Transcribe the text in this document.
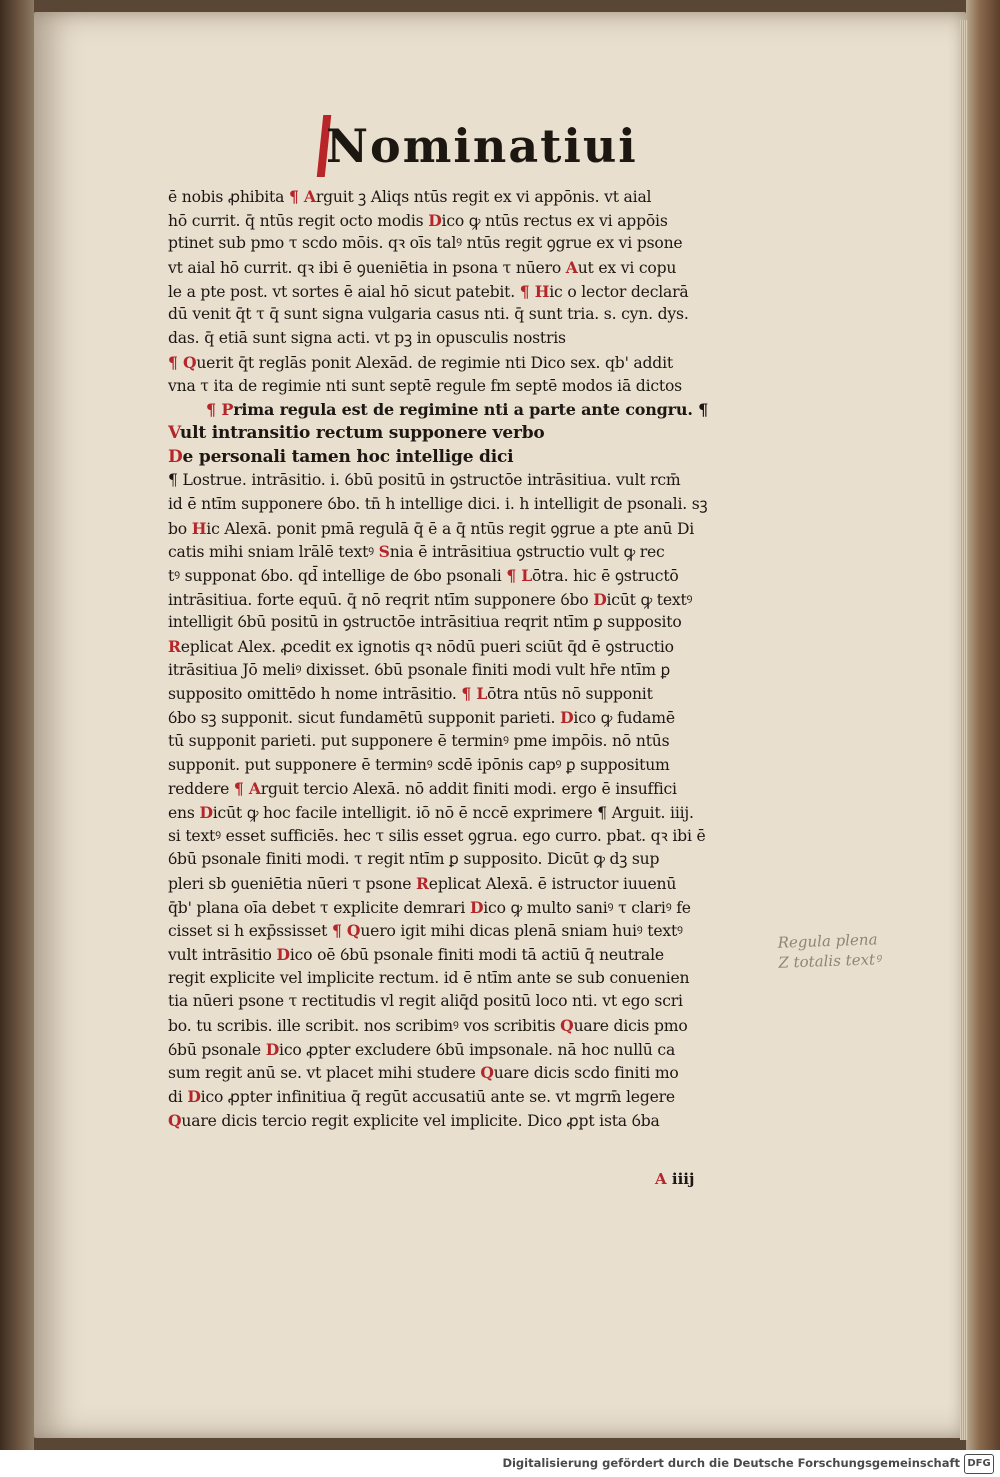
Nominatiui
ē nobis ꝓhibita ¶ Arguit ꝫ Aliqs ntūs regit ex vi appōnis. vt aial
hō currit. q̄ ntūs regit octo modis Dico ꝙ ntūs rectus ex vi appōis
ptinet sub pmo τ scdo mōis. qꝛ oīs talꝰ ntūs regit ꝯgrue ex vi psone
vt aial hō currit. qꝛ ibi ē ꝯueniētia in psona τ nūero Aut ex vi copu
le a pte post. vt sortes ē aial hō sicut patebit. ¶ Hic o lector declarā
dū venit q̄t τ q̄ sunt signa vulgaria casus nti. q̄ sunt tria. s. cyn. dys.
das. q̄ etiā sunt signa acti. vt pꝫ in opusculis nostris
¶ Querit q̄t reglās ponit Alexād. de regimie nti Dico sex. qb' addit
vna τ ita de regimie nti sunt septē regule fm septē modos iā dictos
¶ Prima regula est de regimine nti a parte ante congru. ¶
Vult intransitio rectum supponere verbo
De personali tamen hoc intellige dici
¶ Lostrue. intrāsitio. i. ỽbū positū in ꝯstructōe intrāsitiua. vult rcm̄
id ē ntīm supponere ỽbo. tn̄ h intellige dici. i. h intelligit de psonali. sꝫ
bo Hic Alexā. ponit pmā regulā q̄ ē a q̄ ntūs regit ꝯgrue a pte anū Di
catis mihi sniam lrālē textꝰ Snia ē intrāsitiua ꝯstructio vult ꝙ rec
tꝰ supponat ỽbo. qd̄ intellige de ỽbo psonali ¶ Lōtra. hic ē ꝯstructō
intrāsitiua. forte equū. q̄ nō reqrit ntīm supponere ỽbo Dicūt ꝙ textꝰ
intelligit ỽbū positū in ꝯstructōe intrāsitiua reqrit ntīm ꝑ supposito
Replicat Alex. ꝓcedit ex ignotis qꝛ nōdū pueri sciūt q̄d ē ꝯstructio
itrāsitiua Jō meliꝰ dixisset. ỽbū psonale finiti modi vult hr̄e ntīm ꝑ
supposito omittēdo h nome intrāsitio. ¶ Lōtra ntūs nō supponit
ỽbo sꝫ supponit. sicut fundamētū supponit parieti. Dico ꝙ fudamē
tū supponit parieti. put supponere ē terminꝰ pme impōis. nō ntūs
supponit. put supponere ē terminꝰ scdē ipōnis capꝰ ꝑ suppositum
reddere ¶ Arguit tercio Alexā. nō addit finiti modi. ergo ē insuffici
ens Dicūt ꝙ hoc facile intelligit. iō nō ē nccē exprimere ¶ Arguit. iiij.
si textꝰ esset sufficiēs. hec τ silis esset ꝯgrua. ego curro. pbat. qꝛ ibi ē
ỽbū psonale finiti modi. τ regit ntīm ꝑ supposito. Dicūt ꝙ dꝫ sup
pleri sb ꝯueniētia nūeri τ psone Replicat Alexā. ē istructor iuuenū
q̄b' plana oīa debet τ explicite demrari Dico ꝙ multo saniꝰ τ clariꝰ fe
cisset si h exp̄ssisset ¶ Quero igit mihi dicas plenā sniam huiꝰ textꝰ
vult intrāsitio Dico oē ỽbū psonale finiti modi tā actiū q̄ neutrale
regit explicite vel implicite rectum. id ē ntīm ante se sub conuenien
tia nūeri psone τ rectitudis vl regit aliq̄d positū loco nti. vt ego scri
bo. tu scribis. ille scribit. nos scribimꝰ vos scribitis Quare dicis pmo
ỽbū psonale Dico ꝓpter excludere ỽbū impsonale. nā hoc nullū ca
sum regit anū se. vt placet mihi studere Quare dicis scdo finiti mo
di Dico ꝓpter infinitiua q̄ regūt accusatiū ante se. vt mgrm̄ legere
Quare dicis tercio regit explicite vel implicite. Dico ꝓpt ista ỽba
A iiij
Regula plena
Z totalis textꝰ
Digitalisierung gefördert durch die Deutsche Forschungsgemeinschaft DFG
